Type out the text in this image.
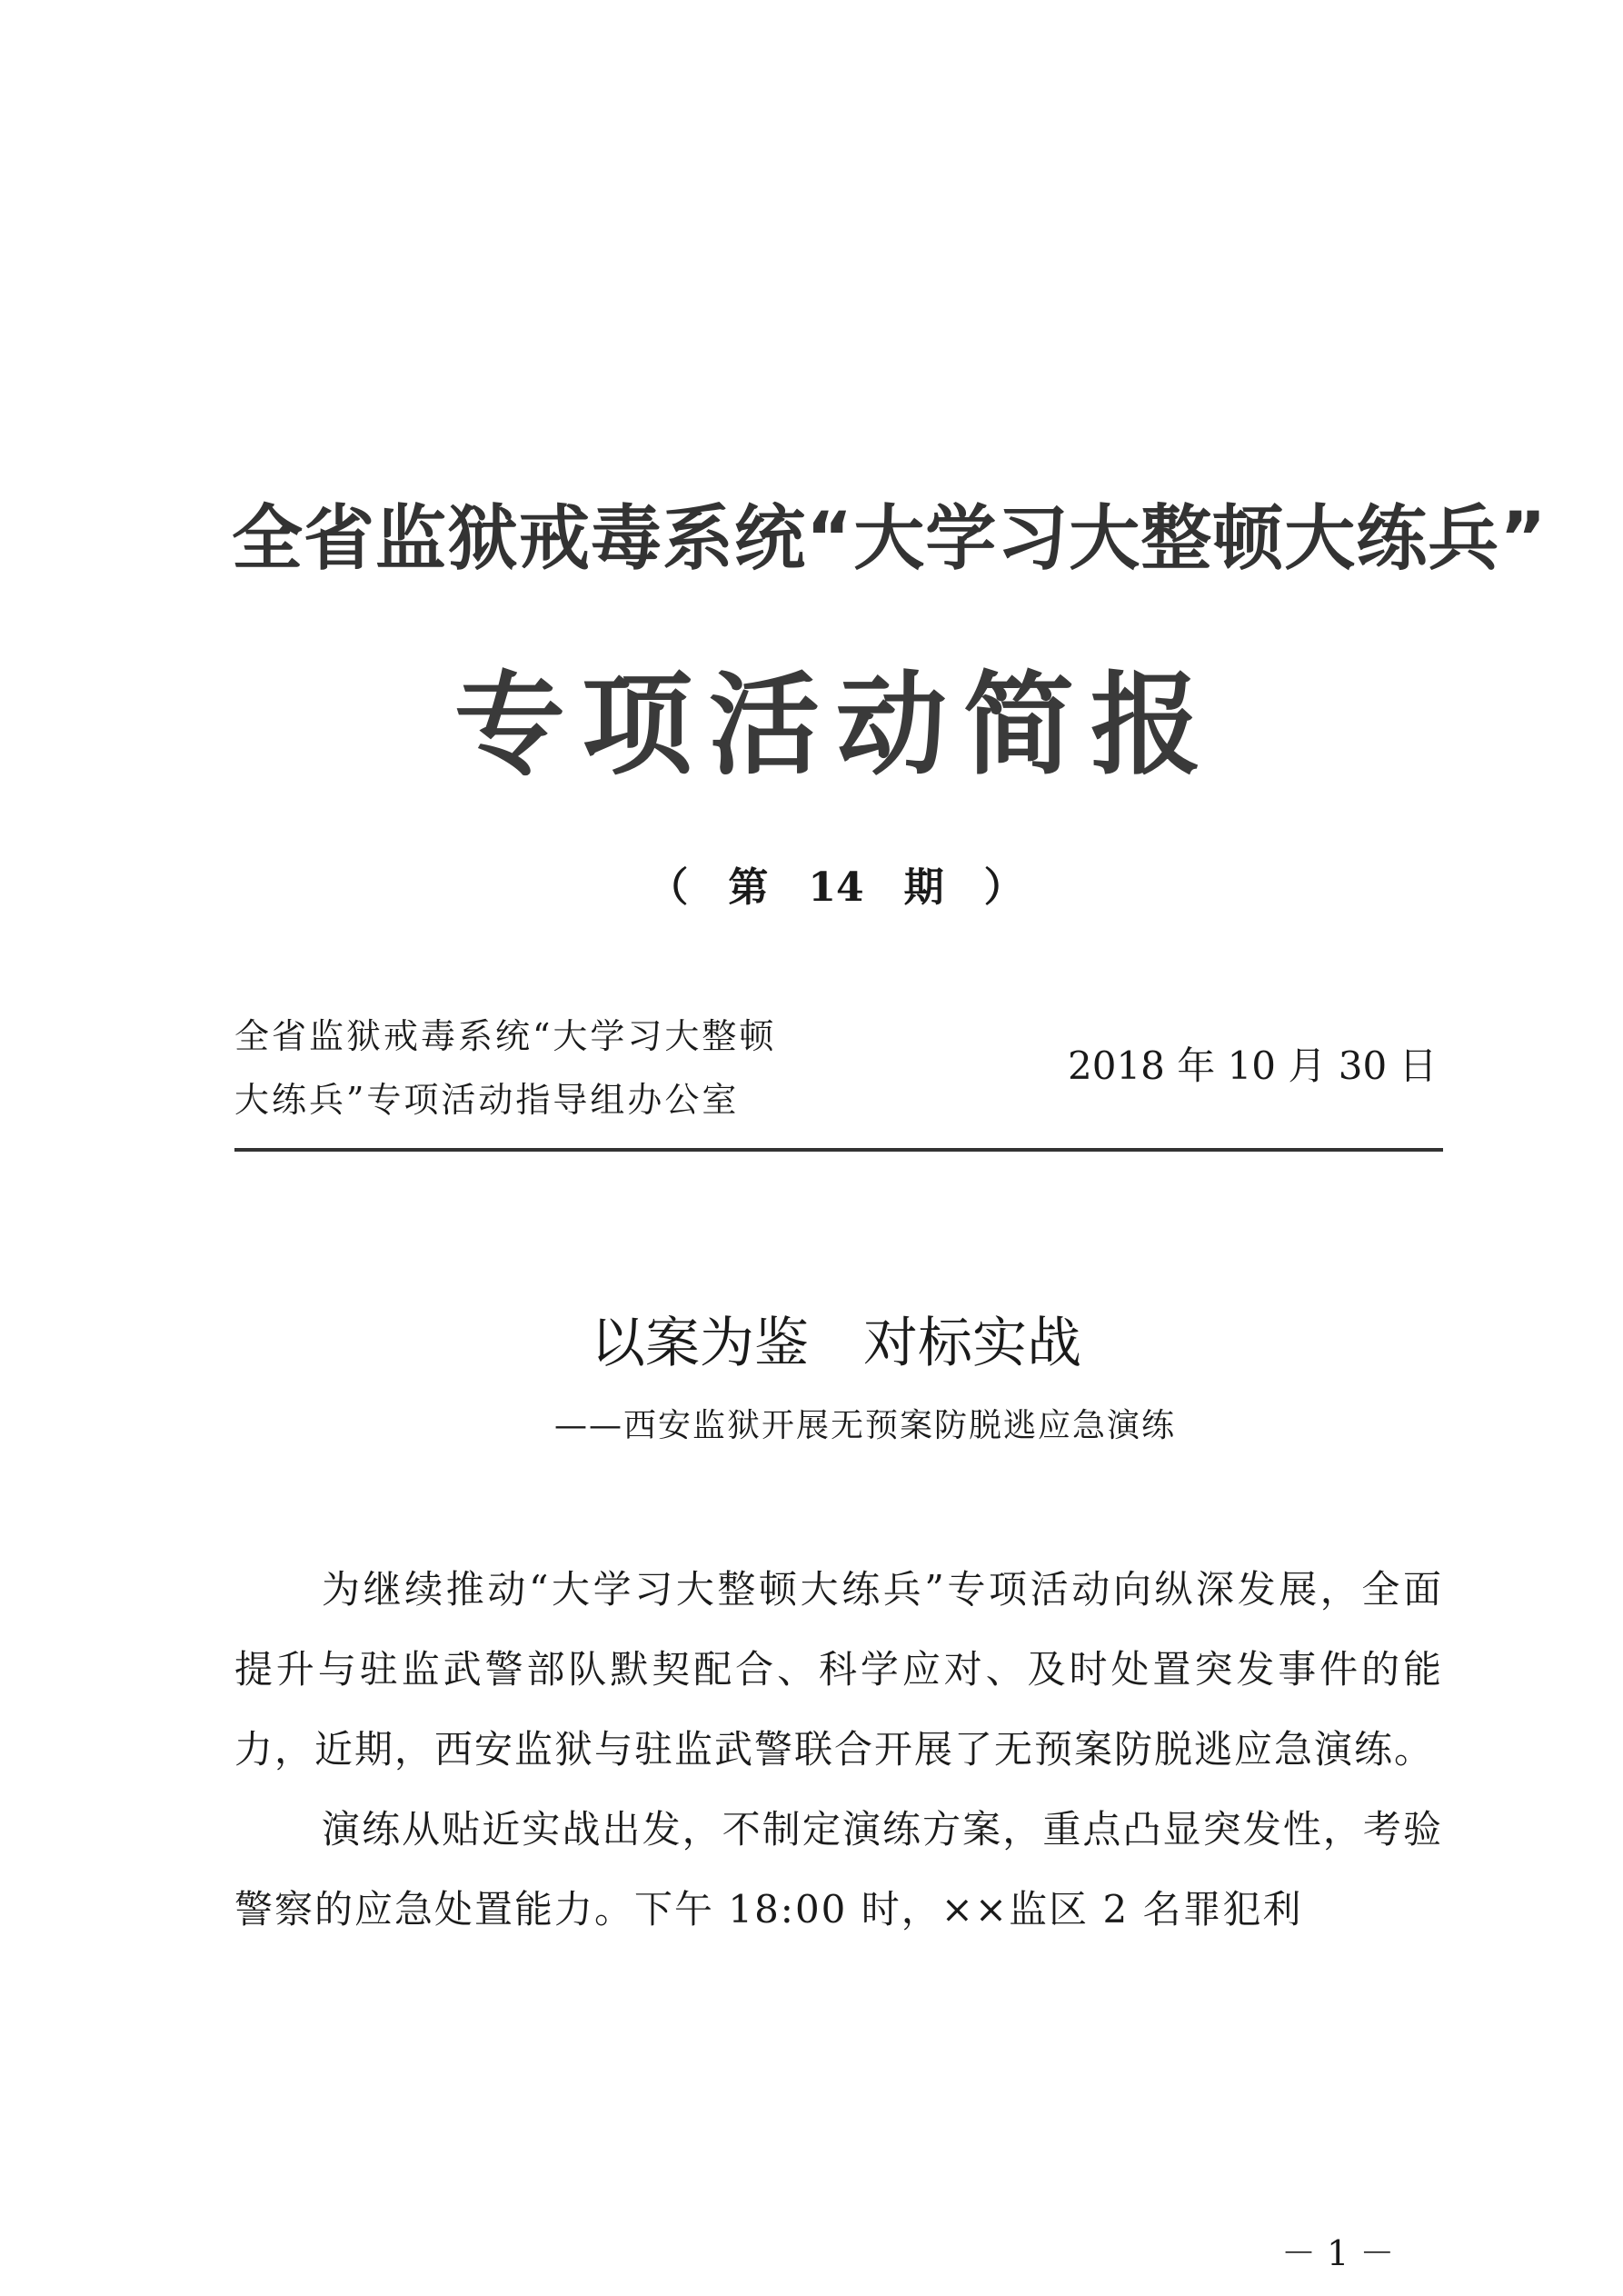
全省监狱戒毒系统“大学习大整顿大练兵”
专项活动简报
（ 第 14 期 ）
全省监狱戒毒系统“大学习大整顿
大练兵”专项活动指导组办公室
2018 年 10 月 30 日
以案为鉴 对标实战
——西安监狱开展无预案防脱逃应急演练

为继续推动“大学习大整顿大练兵”专项活动向纵深发展，全面提升与驻监武警部队默契配合、科学应对、及时处置突发事件的能力，近期，西安监狱与驻监武警联合开展了无预案防脱逃应急演练。

演练从贴近实战出发，不制定演练方案，重点凸显突发性，考验警察的应急处置能力。下午 18:00 时，××监区 2 名罪犯利

－ 1 －
